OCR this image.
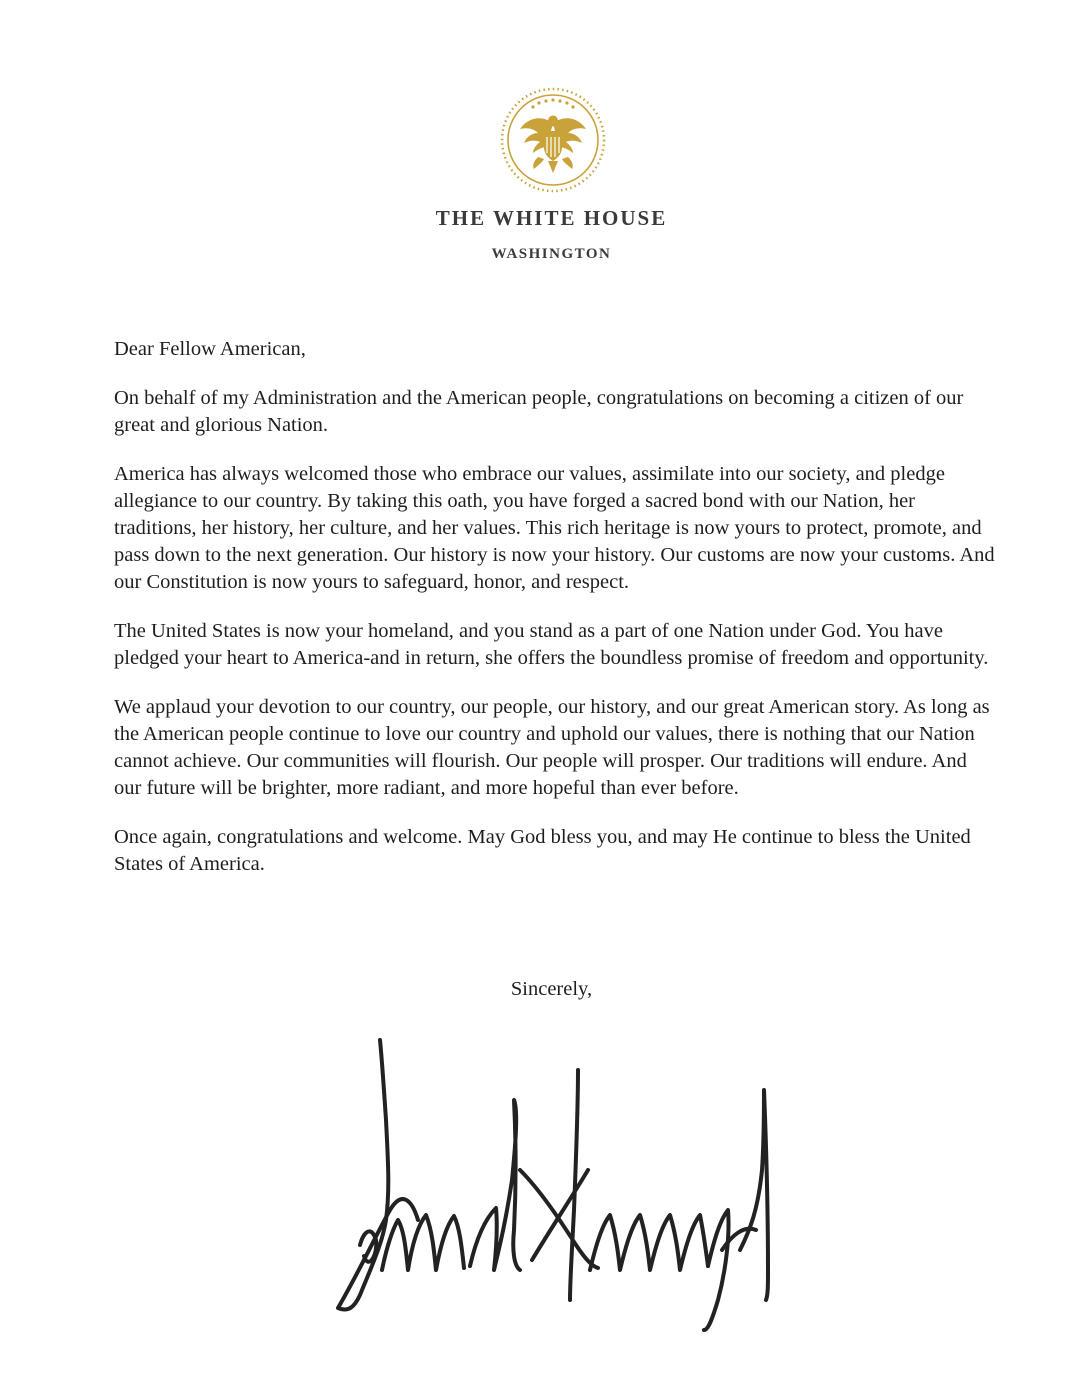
THE WHITE HOUSE
WASHINGTON

Dear Fellow American,

On behalf of my Administration and the American people, congratulations on becoming a citizen of our great and glorious Nation.

America has always welcomed those who embrace our values, assimilate into our society, and pledge allegiance to our country. By taking this oath, you have forged a sacred bond with our Nation, her traditions, her history, her culture, and her values. This rich heritage is now yours to protect, promote, and pass down to the next generation. Our history is now your history. Our customs are now your customs. And our Constitution is now yours to safeguard, honor, and respect.

The United States is now your homeland, and you stand as a part of one Nation under God. You have pledged your heart to America-and in return, she offers the boundless promise of freedom and opportunity.

We applaud your devotion to our country, our people, our history, and our great American story. As long as the American people continue to love our country and uphold our values, there is nothing that our Nation cannot achieve. Our communities will flourish. Our people will prosper. Our traditions will endure. And our future will be brighter, more radiant, and more hopeful than ever before.

Once again, congratulations and welcome. May God bless you, and may He continue to bless the United States of America.

Sincerely,
